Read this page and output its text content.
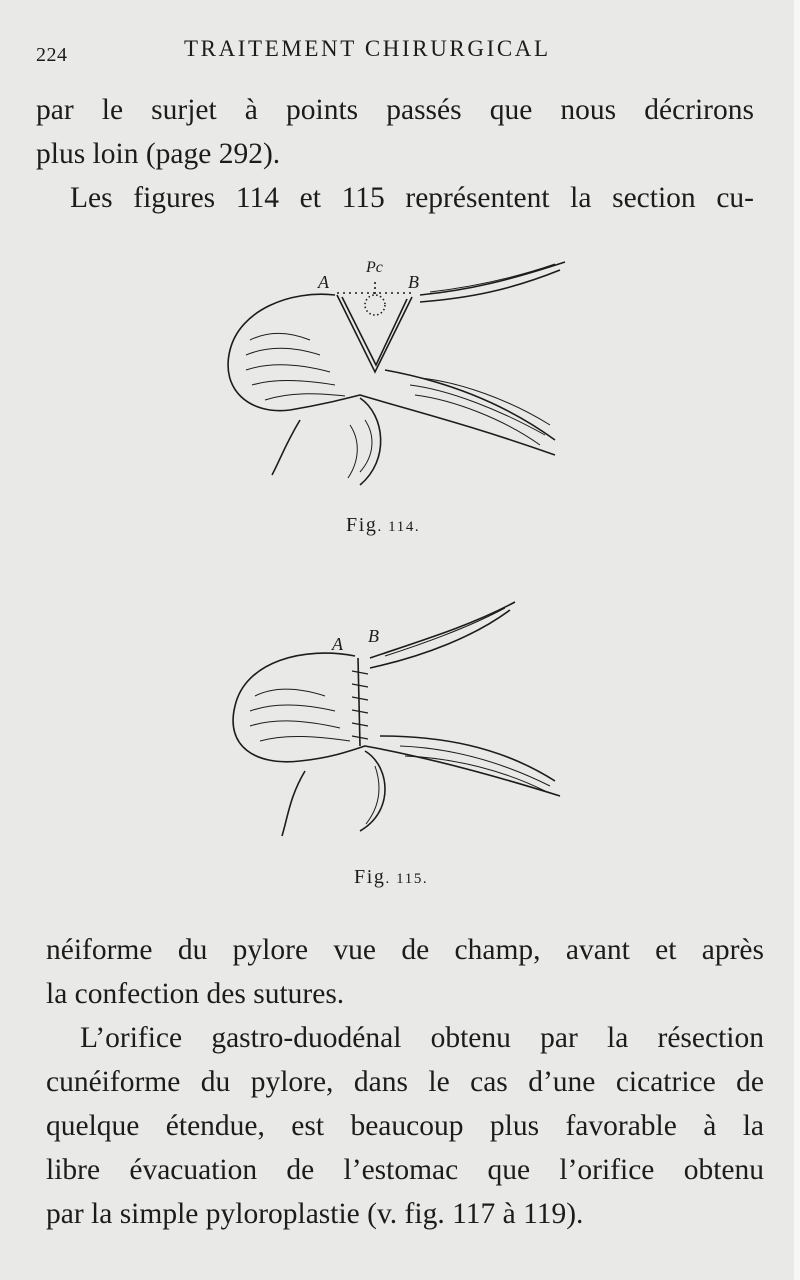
224	TRAITEMENT CHIRURGICAL
par le surjet à points passés que nous décrirons
plus loin (page 292).
Les figures 114 et 115 représentent la section cu-
A
Pc
B
Fig. 114.
A B
Fig. 115.
néiforme du pylore vue de champ, avant et après
la confection des sutures.
L’orifice gastro-duodénal obtenu par la résection
cunéiforme du pylore, dans le cas d’une cicatrice de
quelque étendue, est beaucoup plus favorable à la
libre évacuation de l’estomac que l’orifice obtenu
par la simple pyloroplastie (v. fig. 117 à 119).
